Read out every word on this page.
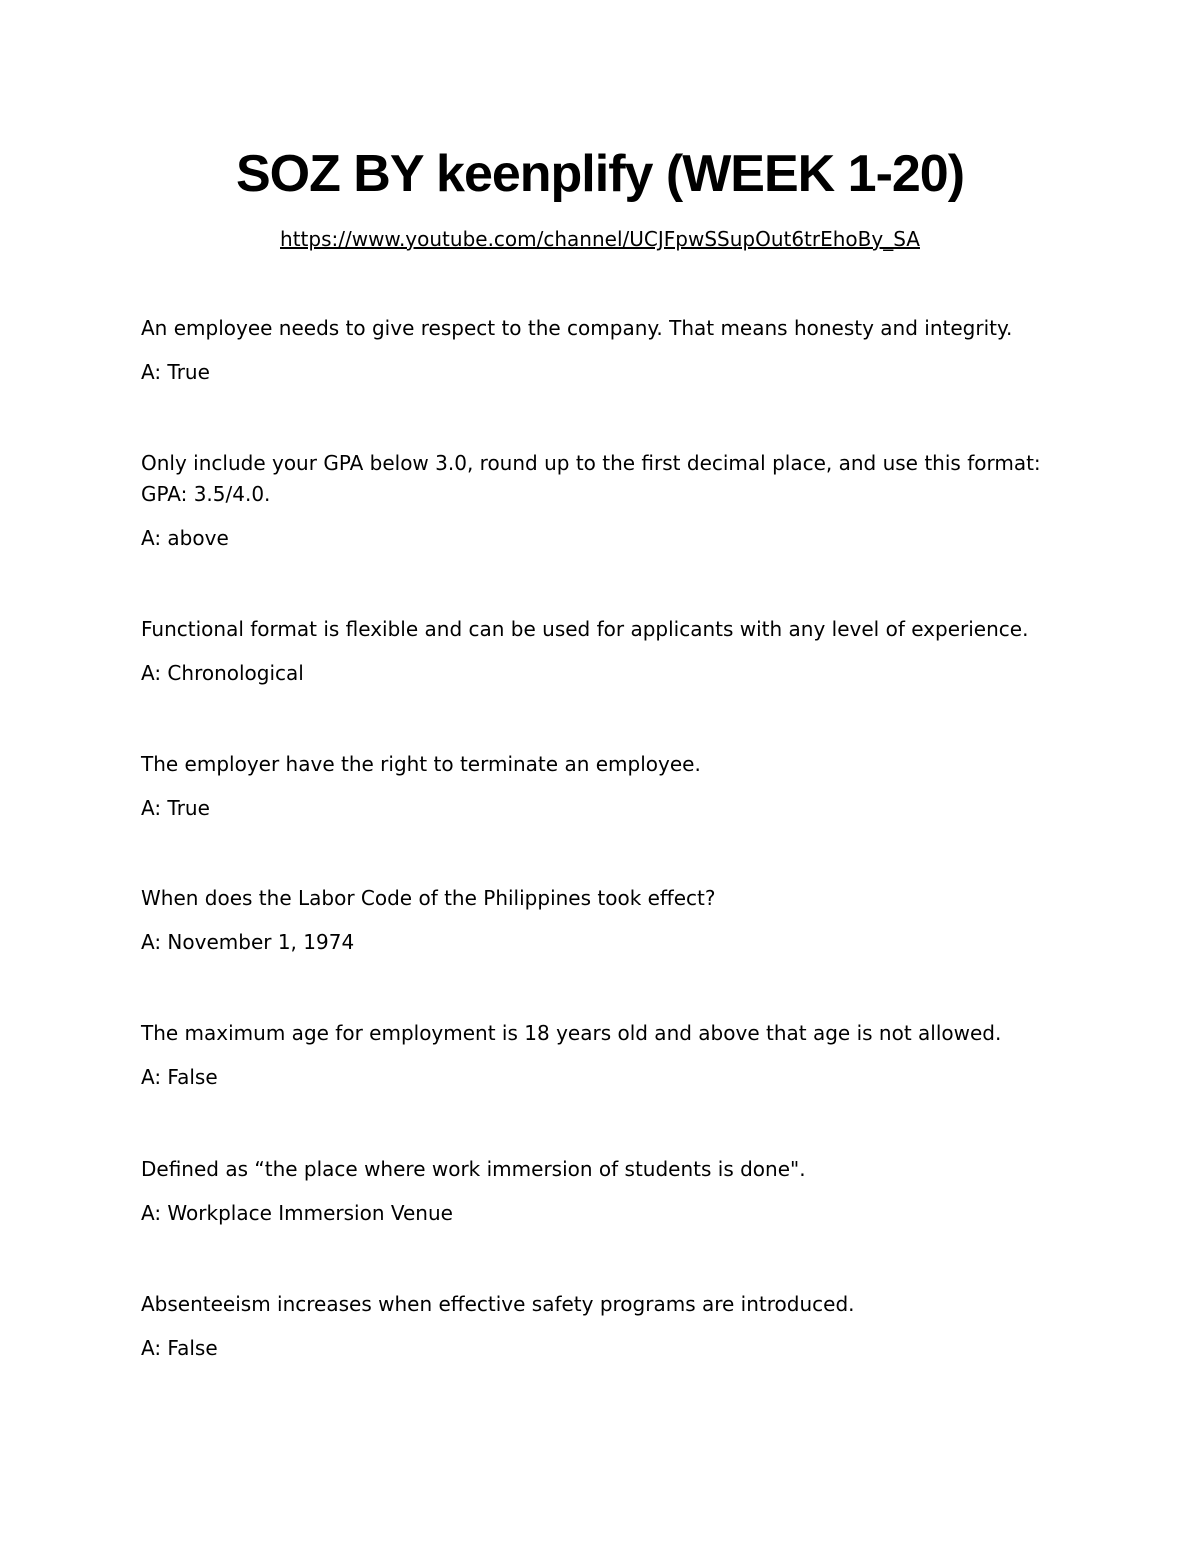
SOZ BY keenplify (WEEK 1-20)
https://www.youtube.com/channel/UCJFpwSSupOut6trEhoBy_SA

An employee needs to give respect to the company. That means honesty and integrity.

A: True

Only include your GPA below 3.0, round up to the first decimal place, and use this format: GPA: 3.5/4.0.

A: above

Functional format is flexible and can be used for applicants with any level of experience.

A: Chronological

The employer have the right to terminate an employee.

A: True

When does the Labor Code of the Philippines took effect?

A: November 1, 1974

The maximum age for employment is 18 years old and above that age is not allowed.

A: False

Defined as “the place where work immersion of students is done".

A: Workplace Immersion Venue

Absenteeism increases when effective safety programs are introduced.

A: False
